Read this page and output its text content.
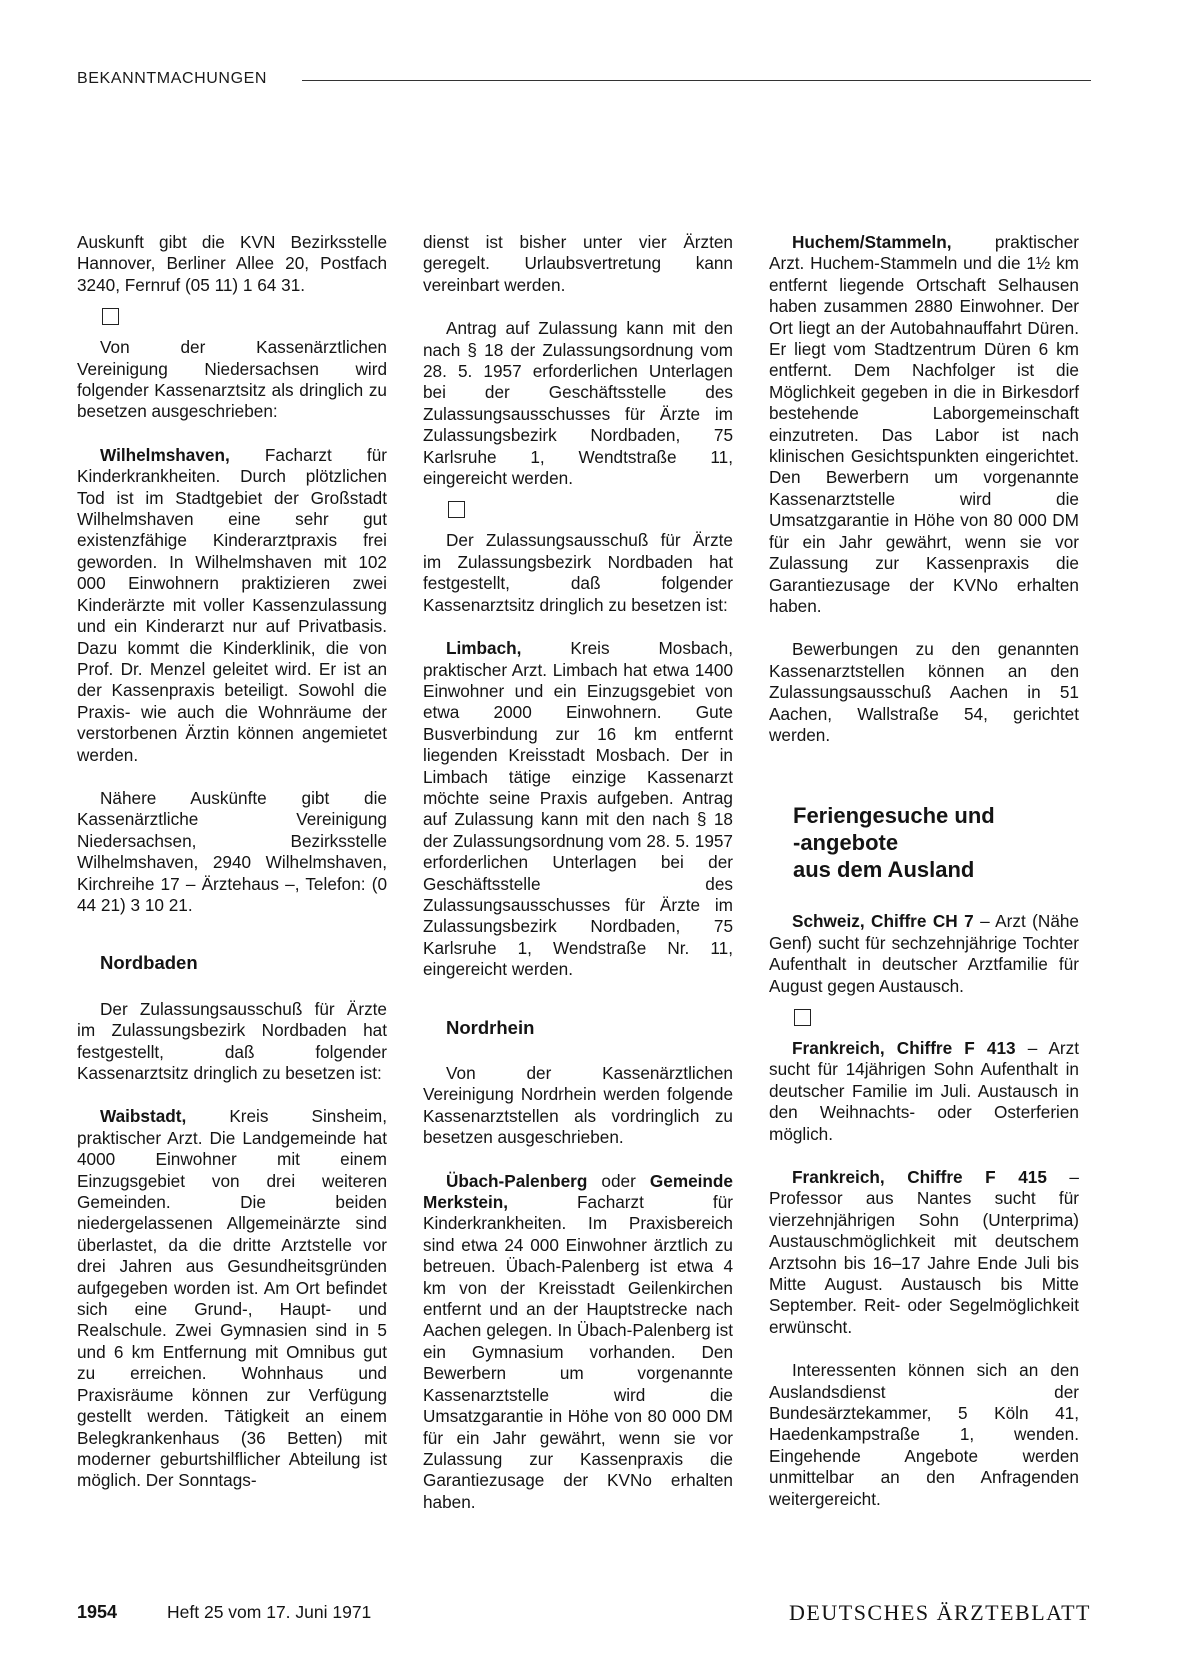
BEKANNTMACHUNGEN

Auskunft gibt die KVN Bezirksstelle Hannover, Berliner Allee 20, Postfach 3240, Fernruf (05 11) 1 64 31.

Von der Kassenärztlichen Vereinigung Niedersachsen wird folgender Kassenarztsitz als dringlich zu besetzen ausgeschrieben:

Wilhelmshaven, Facharzt für Kinderkrankheiten. Durch plötzlichen Tod ist im Stadtgebiet der Großstadt Wilhelmshaven eine sehr gut existenzfähige Kinderarztpraxis frei geworden. In Wilhelmshaven mit 102 000 Einwohnern praktizieren zwei Kinderärzte mit voller Kassenzulassung und ein Kinderarzt nur auf Privatbasis. Dazu kommt die Kinderklinik, die von Prof. Dr. Menzel geleitet wird. Er ist an der Kassenpraxis beteiligt. Sowohl die Praxis- wie auch die Wohnräume der verstorbenen Ärztin können angemietet werden.

Nähere Auskünfte gibt die Kassenärztliche Vereinigung Niedersachsen, Bezirksstelle Wilhelmshaven, 2940 Wilhelmshaven, Kirchreihe 17 – Ärztehaus –, Telefon: (0 44 21) 3 10 21.

Nordbaden

Der Zulassungsausschuß für Ärzte im Zulassungsbezirk Nordbaden hat festgestellt, daß folgender Kassenarztsitz dringlich zu besetzen ist:

Waibstadt, Kreis Sinsheim, praktischer Arzt. Die Landgemeinde hat 4000 Einwohner mit einem Einzugsgebiet von drei weiteren Gemeinden. Die beiden niedergelassenen Allgemeinärzte sind überlastet, da die dritte Arztstelle vor drei Jahren aus Gesundheitsgründen aufgegeben worden ist. Am Ort befindet sich eine Grund-, Haupt- und Realschule. Zwei Gymnasien sind in 5 und 6 km Entfernung mit Omnibus gut zu erreichen. Wohnhaus und Praxisräume können zur Verfügung gestellt werden. Tätigkeit an einem Belegkrankenhaus (36 Betten) mit moderner geburtshilflicher Abteilung ist möglich. Der Sonntags-

dienst ist bisher unter vier Ärzten geregelt. Urlaubsvertretung kann vereinbart werden.

Antrag auf Zulassung kann mit den nach § 18 der Zulassungsordnung vom 28. 5. 1957 erforderlichen Unterlagen bei der Geschäftsstelle des Zulassungsausschusses für Ärzte im Zulassungsbezirk Nordbaden, 75 Karlsruhe 1, Wendtstraße 11, eingereicht werden.

Der Zulassungsausschuß für Ärzte im Zulassungsbezirk Nordbaden hat festgestellt, daß folgender Kassenarztsitz dringlich zu besetzen ist:

Limbach, Kreis Mosbach, praktischer Arzt. Limbach hat etwa 1400 Einwohner und ein Einzugsgebiet von etwa 2000 Einwohnern. Gute Busverbindung zur 16 km entfernt liegenden Kreisstadt Mosbach. Der in Limbach tätige einzige Kassenarzt möchte seine Praxis aufgeben. Antrag auf Zulassung kann mit den nach § 18 der Zulassungsordnung vom 28. 5. 1957 erforderlichen Unterlagen bei der Geschäftsstelle des Zulassungsausschusses für Ärzte im Zulassungsbezirk Nordbaden, 75 Karlsruhe 1, Wendstraße Nr. 11, eingereicht werden.

Nordrhein

Von der Kassenärztlichen Vereinigung Nordrhein werden folgende Kassenarztstellen als vordringlich zu besetzen ausgeschrieben.

Übach-Palenberg oder Gemeinde Merkstein, Facharzt für Kinderkrankheiten. Im Praxisbereich sind etwa 24 000 Einwohner ärztlich zu betreuen. Übach-Palenberg ist etwa 4 km von der Kreisstadt Geilenkirchen entfernt und an der Hauptstrecke nach Aachen gelegen. In Übach-Palenberg ist ein Gymnasium vorhanden. Den Bewerbern um vorgenannte Kassenarztstelle wird die Umsatzgarantie in Höhe von 80 000 DM für ein Jahr gewährt, wenn sie vor Zulassung zur Kassenpraxis die Garantiezusage der KVNo erhalten haben.

Huchem/Stammeln, praktischer Arzt. Huchem-Stammeln und die 1½ km entfernt liegende Ortschaft Selhausen haben zusammen 2880 Einwohner. Der Ort liegt an der Autobahnauffahrt Düren. Er liegt vom Stadtzentrum Düren 6 km entfernt. Dem Nachfolger ist die Möglichkeit gegeben in die in Birkesdorf bestehende Laborgemeinschaft einzutreten. Das Labor ist nach klinischen Gesichtspunkten eingerichtet. Den Bewerbern um vorgenannte Kassenarztstelle wird die Umsatzgarantie in Höhe von 80 000 DM für ein Jahr gewährt, wenn sie vor Zulassung zur Kassenpraxis die Garantiezusage der KVNo erhalten haben.

Bewerbungen zu den genannten Kassenarztstellen können an den Zulassungsausschuß Aachen in 51 Aachen, Wallstraße 54, gerichtet werden.

Feriengesuche und
-angebote
aus dem Ausland

Schweiz, Chiffre CH 7 – Arzt (Nähe Genf) sucht für sechzehnjährige Tochter Aufenthalt in deutscher Arztfamilie für August gegen Austausch.

Frankreich, Chiffre F 413 – Arzt sucht für 14jährigen Sohn Aufenthalt in deutscher Familie im Juli. Austausch in den Weihnachts- oder Osterferien möglich.

Frankreich, Chiffre F 415 – Professor aus Nantes sucht für vierzehnjährigen Sohn (Unterprima) Austauschmöglichkeit mit deutschem Arztsohn bis 16–17 Jahre Ende Juli bis Mitte August. Austausch bis Mitte September. Reit- oder Segelmöglichkeit erwünscht.

Interessenten können sich an den Auslandsdienst der Bundesärztekammer, 5 Köln 41, Haedenkampstraße 1, wenden. Eingehende Angebote werden unmittelbar an den Anfragenden weitergereicht.

1954	Heft 25 vom 17. Juni 1971	DEUTSCHES ÄRZTEBLATT
